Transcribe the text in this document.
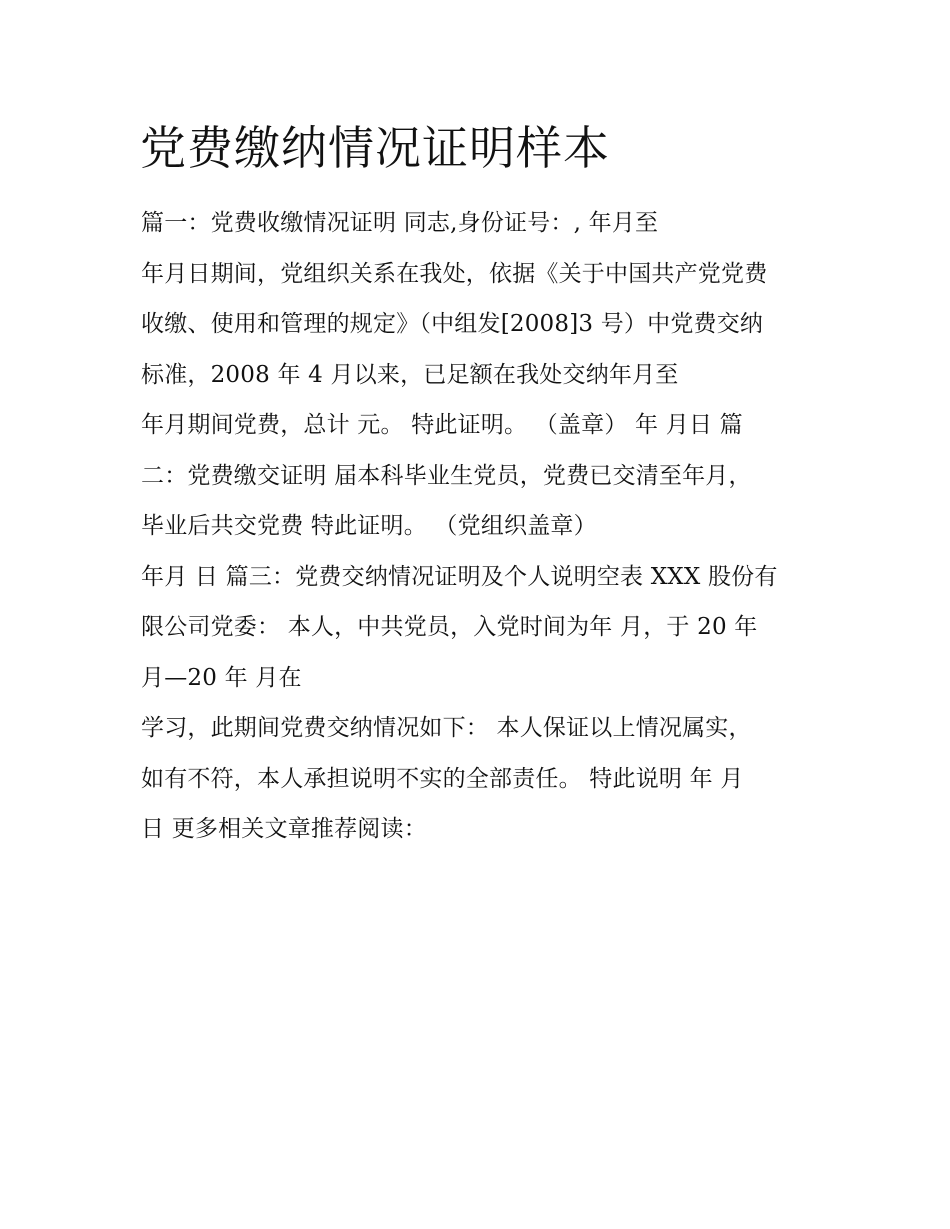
党费缴纳情况证明样本
篇一：党费收缴情况证明 同志,身份证号：, 年月至
年月日期间，党组织关系在我处，依据《关于中国共产党党费
收缴、使用和管理的规定》（中组发[2008]3 号）中党费交纳
标准，2008 年 4 月以来，已足额在我处交纳年月至
年月期间党费，总计 元。 特此证明。 （盖章） 年 月日 篇
二：党费缴交证明 届本科毕业生党员，党费已交清至年月，
毕业后共交党费 特此证明。 （党组织盖章）
年月 日 篇三：党费交纳情况证明及个人说明空表 XXX 股份有
限公司党委： 本人，中共党员，入党时间为年 月，于 20 年
月—20 年 月在
学习，此期间党费交纳情况如下： 本人保证以上情况属实，
如有不符，本人承担说明不实的全部责任。 特此说明 年 月
日 更多相关文章推荐阅读：
